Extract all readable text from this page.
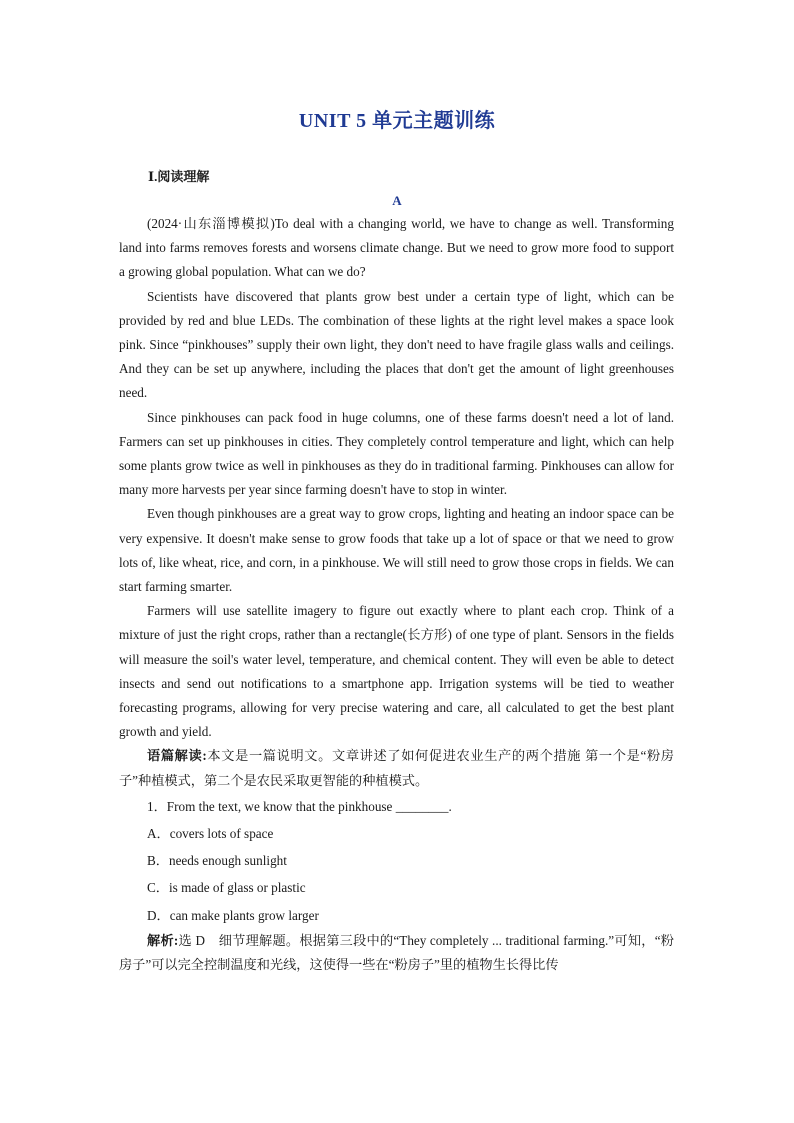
UNIT 5 单元主题训练
Ⅰ.阅读理解
A

(2024·山东淄博模拟)To deal with a changing world, we have to change as well. Transforming land into farms removes forests and worsens climate change. But we need to grow more food to support a growing global population. What can we do?

Scientists have discovered that plants grow best under a certain type of light, which can be provided by red and blue LEDs. The combination of these lights at the right level makes a space look pink. Since “pinkhouses” supply their own light, they don't need to have fragile glass walls and ceilings. And they can be set up anywhere, including the places that don't get the amount of light greenhouses need.

Since pinkhouses can pack food in huge columns, one of these farms doesn't need a lot of land. Farmers can set up pinkhouses in cities. They completely control temperature and light, which can help some plants grow twice as well in pinkhouses as they do in traditional farming. Pinkhouses can allow for many more harvests per year since farming doesn't have to stop in winter.

Even though pinkhouses are a great way to grow crops, lighting and heating an indoor space can be very expensive. It doesn't make sense to grow foods that take up a lot of space or that we need to grow lots of, like wheat, rice, and corn, in a pinkhouse. We will still need to grow those crops in fields. We can start farming smarter.

Farmers will use satellite imagery to figure out exactly where to plant each crop. Think of a mixture of just the right crops, rather than a rectangle(长方形) of one type of plant. Sensors in the fields will measure the soil's water level, temperature, and chemical content. They will even be able to detect insects and send out notifications to a smartphone app. Irrigation systems will be tied to weather forecasting programs, allowing for very precise watering and care, all calculated to get the best plant growth and yield.

语篇解读:本文是一篇说明文。文章讲述了如何促进农业生产的两个措施 第一个是“粉房子”种植模式，第二个是农民采取更智能的种植模式。

1．From the text, we know that the pinkhouse ________.

A．covers lots of space

B．needs enough sunlight

C．is made of glass or plastic

D．can make plants grow larger

解析:选 D　细节理解题。根据第三段中的“They completely ... traditional farming.”可知，“粉房子”可以完全控制温度和光线，这使得一些在“粉房子”里的植物生长得比传
